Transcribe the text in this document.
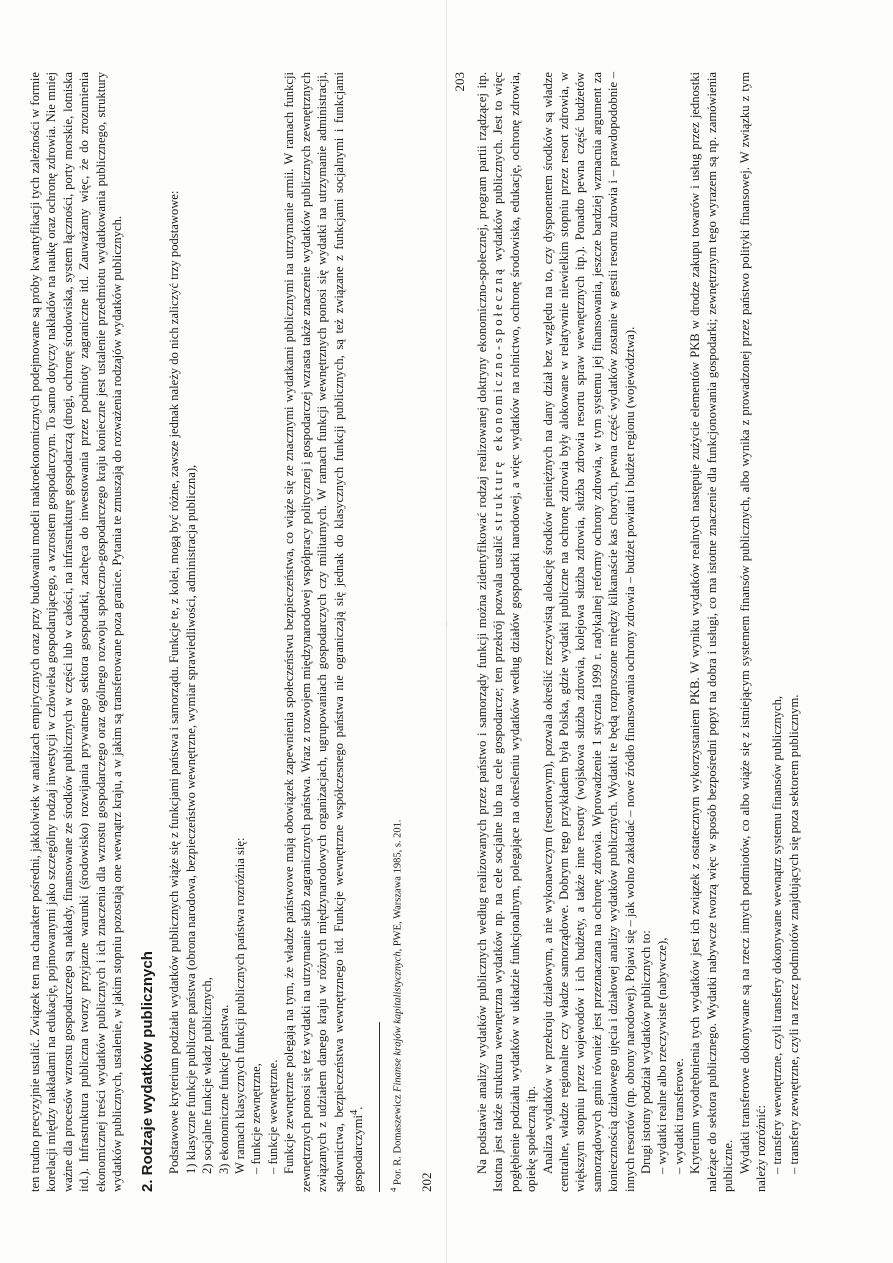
ten trudno precyzyjnie ustalić. Związek ten ma charakter pośredni, jakkolwiek w analizach empirycznych oraz przy budowaniu modeli makroekonomicznych podejmowane są próby kwantyfikacji tych zależności w formie korelacji między nakładami na edukację, pojmowanymi jako szczególny rodzaj inwestycji w człowieka gospodarującego, a wzrostem gospodarczym. To samo dotyczy nakładów na naukę oraz ochronę zdrowia. Nie mniej ważne dla procesów wzrostu gospodarczego są nakłady, finansowane ze środków publicznych w części lub w całości, na infrastrukturę gospodarczą (drogi, ochronę środowiska, system łączności, porty morskie, lotniska itd.). Infrastruktura publiczna tworzy przyjazne warunki (środowisko) rozwijania prywatnego sektora gospodarki, zachęca do inwestowania przez podmioty zagraniczne itd. Zauważamy więc, że do zrozumienia ekonomicznej treści wydatków publicznych i ich znaczenia dla wzrostu gospodarczego oraz ogólnego rozwoju społeczno-gospodarczego kraju konieczne jest ustalenie przedmiotu wydatkowania publicznego, struktury wydatków publicznych, ustalenie, w jakim stopniu pozostają one wewnątrz kraju, a w jakim są transferowane poza granice. Pytania te zmuszają do rozważenia rodzajów wydatków publicznych. 2. Rodzaje wydatków publicznych Podstawowe kryterium podziału wydatków publicznych wiąże się z funkcjami państwa i samorządu. Funkcje te, z kolei, mogą być różne, zawsze jednak należy do nich zaliczyć trzy podstawowe: 1) klasyczne funkcje publiczne państwa (obrona narodowa, bezpieczeństwo wewnętrzne, wymiar sprawiedliwości, administracja publiczna), 2) socjalne funkcje władz publicznych, 3) ekonomiczne funkcje państwa. W ramach klasycznych funkcji publicznych państwa rozróżnia się: – funkcje zewnętrzne, – funkcje wewnętrzne. Funkcje zewnętrzne polegają na tym, że władze państwowe mają obowiązek zapewnienia społeczeństwu bezpieczeństwa, co wiąże się ze znacznymi wydatkami publicznymi na utrzymanie armii. W ramach funkcji zewnętrznych ponosi się też wydatki na utrzymanie służb zagranicznych państwa. Wraz z rozwojem międzynarodowej współpracy politycznej i gospodarczej wzrasta także znaczenie wydatków publicznych zewnętrznych związanych z udziałem danego kraju w różnych międzynarodowych organizacjach, ugrupowaniach gospodarczych czy militarnych. W ramach funkcji wewnętrznych ponosi się wydatki na utrzymanie administracji, sądownictwa, bezpieczeństwa wewnętrznego itd. Funkcje wewnętrzne współczesnego państwa nie ograniczają się jednak do klasycznych funkcji publicznych, są też związane z funkcjami socjalnymi i funkcjami gospodarczymi$^4$.

$^4$ Por. R. Domaszewicz Finanse krajów kapitalistycznych, PWE, Warszawa 1985, s. 201.
202
203 Na podstawie analizy wydatków publicznych według realizowanych przez państwo i samorządy funkcji można zidentyfikować rodzaj realizowanej doktryny ekonomiczno-społecznej, program partii rządzącej itp. Istotna jest także struktura wewnętrzna wydatków np. na cele socjalne lub na cele gospodarcze; ten przekrój pozwala ustalić strukturę ekonomiczno-społeczną wydatków publicznych. Jest to więc pogłębienie podziału wydatków w układzie funkcjonalnym, polegające na określeniu wydatków według działów gospodarki narodowej, a więc wydatków na rolnictwo, ochronę środowiska, edukację, ochronę zdrowia, opiekę społeczną itp. Analiza wydatków w przekroju działowym, a nie wykonawczym (resortowym), pozwala określić rzeczywistą alokację środków pieniężnych na dany dział bez względu na to, czy dysponentem środków są władze centralne, władze regionalne czy władze samorządowe. Dobrym tego przykładem była Polska, gdzie wydatki publiczne na ochronę zdrowia były alokowane w relatywnie niewielkim stopniu przez resort zdrowia, w większym stopniu przez wojewodów i ich budżety, a także inne resorty (wojskowa służba zdrowia, kolejowa służba zdrowia, służba zdrowia resortu spraw wewnętrznych itp.). Ponadto pewna część budżetów samorządowych gmin również jest przeznaczana na ochronę zdrowia. Wprowadzenie 1 stycznia 1999 r. radykalnej reformy ochrony zdrowia, w tym systemu jej finansowania, jeszcze bardziej wzmacnia argument za koniecznością działowego ujęcia i działowej analizy wydatków publicznych. Wydatki te będą rozproszone między kilkanaście kas chorych, pewna część wydatków zostanie w gestii resortu zdrowia i – prawdopodobnie – innych resortów (np. obrony narodowej). Pojawi się – jak wolno zakładać – nowe źródło finansowania ochrony zdrowia – budżet powiatu i budżet regionu (województwa). Drugi istotny podział wydatków publicznych to: – wydatki realne albo rzeczywiste (nabywcze), – wydatki transferowe. Kryterium wyodrębnienia tych wydatków jest ich związek z ostatecznym wykorzystaniem PKB. W wyniku wydatków realnych następuje zużycie elementów PKB w drodze zakupu towarów i usług przez jednostki należące do sektora publicznego. Wydatki nabywcze tworzą więc w sposób bezpośredni popyt na dobra i usługi, co ma istotne znaczenie dla funkcjonowania gospodarki; zewnętrznym tego wyrazem są np. zamówienia publiczne. Wydatki transferowe dokonywane są na rzecz innych podmiotów, co albo wiąże się z istniejącym systemem finansów publicznych, albo wynika z prowadzonej przez państwo polityki finansowej. W związku z tym należy rozróżnić: – transfery wewnętrzne, czyli transfery dokonywane wewnątrz systemu finansów publicznych, – transfery zewnętrzne, czyli na rzecz podmiotów znajdujących się poza sektorem publicznym.
